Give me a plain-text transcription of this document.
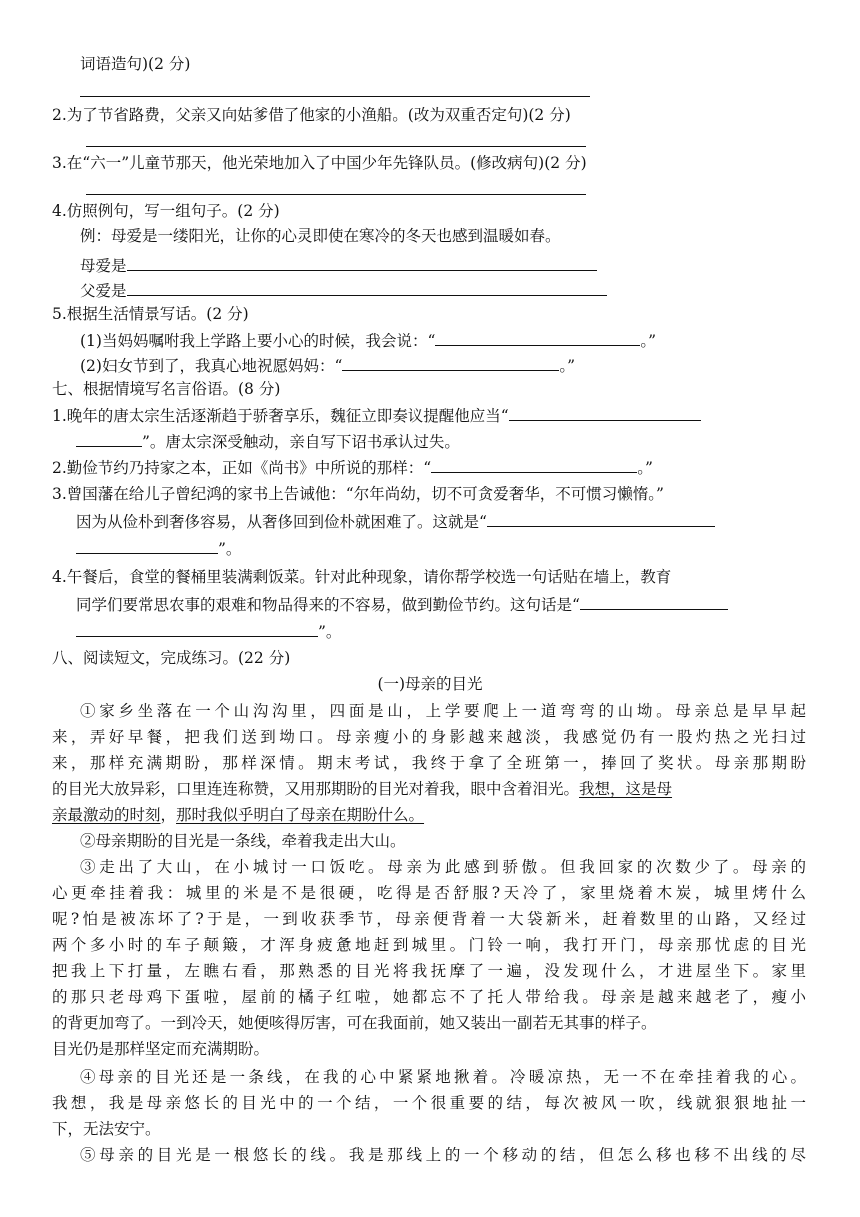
词语造句)(2 分)
2.为了节省路费，父亲又向姑爹借了他家的小渔船。(改为双重否定句)(2 分)
3.在“六一”儿童节那天，他光荣地加入了中国少年先锋队员。(修改病句)(2 分)
4.仿照例句，写一组句子。(2 分)
例：母爱是一缕阳光，让你的心灵即使在寒冷的冬天也感到温暖如春。
母爱是
父爱是
5.根据生活情景写话。(2 分)
(1)当妈妈嘱咐我上学路上要小心的时候，我会说：“	。”
(2)妇女节到了，我真心地祝愿妈妈：“	。”
七、根据情境写名言俗语。(8 分)
1.晚年的唐太宗生活逐渐趋于骄奢享乐，魏征立即奏议提醒他应当“
”。唐太宗深受触动，亲自写下诏书承认过失。
2.勤俭节约乃持家之本，正如《尚书》中所说的那样：“	。”
3.曾国藩在给儿子曾纪鸿的家书上告诫他：“尔年尚幼，切不可贪爱奢华，不可惯习懒惰。”
因为从俭朴到奢侈容易，从奢侈回到俭朴就困难了。这就是“
”。
4.午餐后，食堂的餐桶里装满剩饭菜。针对此种现象，请你帮学校选一句话贴在墙上，教育
同学们要常思农事的艰难和物品得来的不容易，做到勤俭节约。这句话是“
”。
八、阅读短文，完成练习。(22 分)
(一)母亲的目光
①家乡坐落在一个山沟沟里，四面是山，上学要爬上一道弯弯的山坳。母亲总是早早起
来，弄好早餐，把我们送到坳口。母亲瘦小的身影越来越淡，我感觉仍有一股灼热之光扫过
来，那样充满期盼，那样深情。期末考试，我终于拿了全班第一，捧回了奖状。母亲那期盼
的目光大放异彩，口里连连称赞，又用那期盼的目光对着我，眼中含着泪光。我想，这是母
亲最激动的时刻，那时我似乎明白了母亲在期盼什么。
②母亲期盼的目光是一条线，牵着我走出大山。
③走出了大山，在小城讨一口饭吃。母亲为此感到骄傲。但我回家的次数少了。母亲的
心更牵挂着我：城里的米是不是很硬，吃得是否舒服?天冷了，家里烧着木炭，城里烤什么
呢?怕是被冻坏了?于是，一到收获季节，母亲便背着一大袋新米，赶着数里的山路，又经过
两个多小时的车子颠簸，才浑身疲惫地赶到城里。门铃一响，我打开门，母亲那忧虑的目光
把我上下打量，左瞧右看，那熟悉的目光将我抚摩了一遍，没发现什么，才进屋坐下。家里
的那只老母鸡下蛋啦，屋前的橘子红啦，她都忘不了托人带给我。母亲是越来越老了，瘦小
的背更加弯了。一到冷天，她便咳得厉害，可在我面前，她又装出一副若无其事的样子。
目光仍是那样坚定而充满期盼。
④母亲的目光还是一条线，在我的心中紧紧地揪着。冷暖凉热，无一不在牵挂着我的心。
我想，我是母亲悠长的目光中的一个结，一个很重要的结，每次被风一吹，线就狠狠地扯一
下，无法安宁。
⑤母亲的目光是一根悠长的线。我是那线上的一个移动的结，但怎么移也移不出线的尽
